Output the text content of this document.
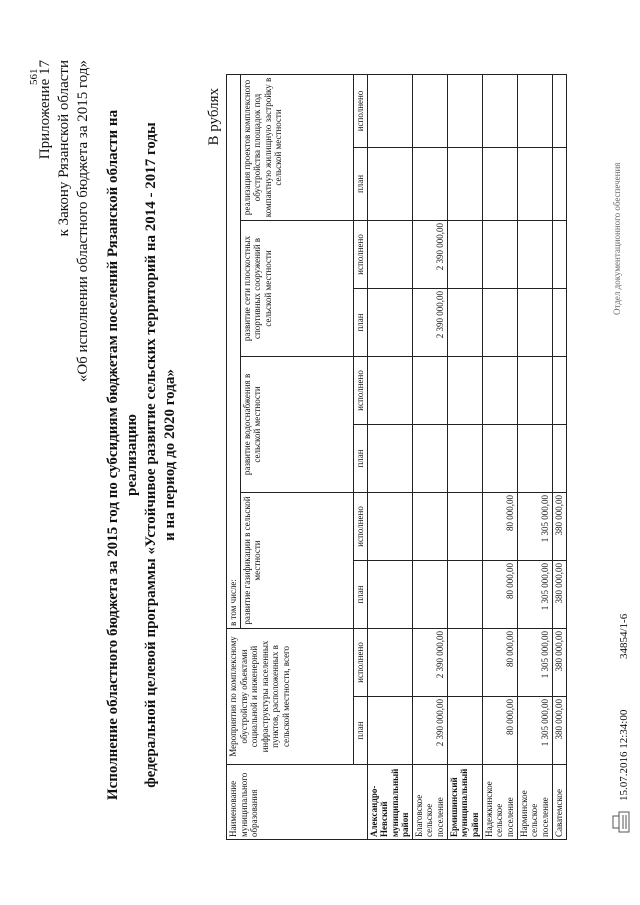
561
Приложение 17 к Закону Рязанской области «Об исполнении областного бюджета за 2015 год» Исполнение областного бюджета за 2015 год по субсидиям бюджетам поселений Рязанской области на реализацию федеральной целевой программы «Устойчивое развитие сельских территорий на 2014 - 2017 годы и на период до 2020 года»
В рублях
Наименование муниципального образования	Мероприятия по комплексному обустройству объектами социальной и инженерной инфраструктуры населенных пунктов, расположенных в сельской местности, всего		в том числе:							
			развитие газификации в сельской местности		развитие водоснабжения в сельской местности		развитие сети плоскостных спортивных сооружений в сельской местности		реализация проектов комплексного обустройства площадок под компактную жилищную застройку в сельской местности	
	план	исполнено	план	исполнено	план	исполнено	план	исполнено	план	исполнено
Александро-Невский муниципальный район										
Благовское сельское поселение	2 390 000,00	2 390 000,00					2 390 000,00	2 390 000,00		
Ермишинский муниципальный район										
Надежкинское сельское поселение	80 000,00	80 000,00	80 000,00	80 000,00						
Нарминское сельское поселение	1 305 000,00	1 305 000,00	1 305 000,00	1 305 000,00						
Саватемское	380 000,00	380 000,00	380 000,00	380 000,00						
15.07.2016 12:34:00
34854/1-6
Отдел документационного обеспечения
